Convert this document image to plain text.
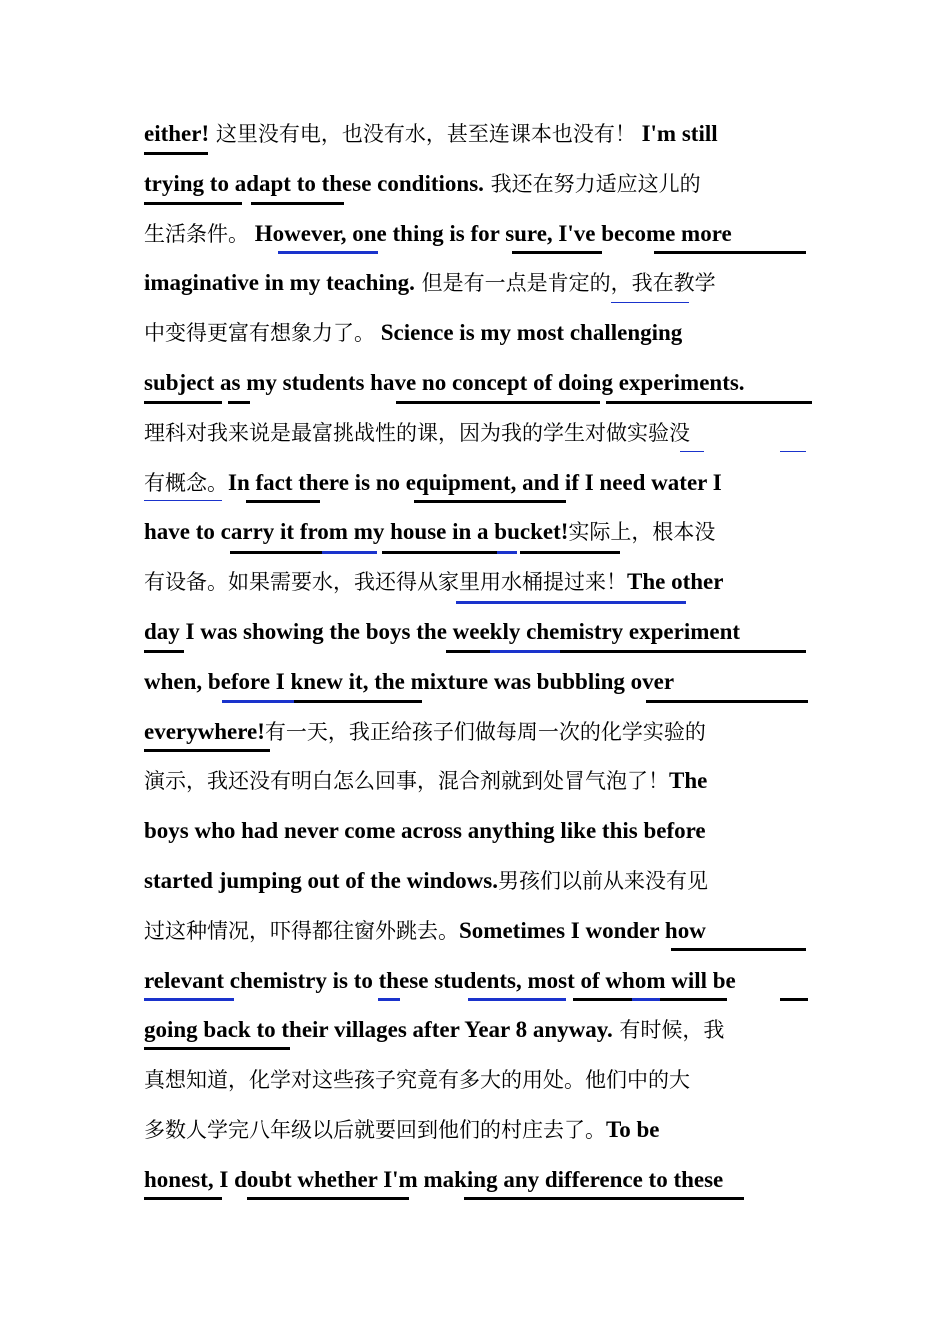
either! 这里没有电，也没有水，甚至连课本也没有！ I'm still
trying to adapt to these conditions. 我还在努力适应这儿的
生活条件。 However, one thing is for sure, I've become more
imaginative in my teaching. 但是有一点是肯定的，我在教学
中变得更富有想象力了。 Science is my most challenging
subject as my students have no concept of doing experiments.
理科对我来说是最富挑战性的课，因为我的学生对做实验没
有概念。In fact there is no equipment, and if I need water I
have to carry it from my house in a bucket!实际上，根本没
有设备。如果需要水，我还得从家里用水桶提过来！The other
day I was showing the boys the weekly chemistry experiment
when, before I knew it, the mixture was bubbling over
everywhere!有一天，我正给孩子们做每周一次的化学实验的
演示，我还没有明白怎么回事，混合剂就到处冒气泡了！The
boys who had never come across anything like this before
started jumping out of the windows.男孩们以前从来没有见
过这种情况，吓得都往窗外跳去。Sometimes I wonder how
relevant chemistry is to these students, most of whom will be
going back to their villages after Year 8 anyway. 有时候，我
真想知道，化学对这些孩子究竟有多大的用处。他们中的大
多数人学完八年级以后就要回到他们的村庄去了。To be
honest, I doubt whether I'm making any difference to these
